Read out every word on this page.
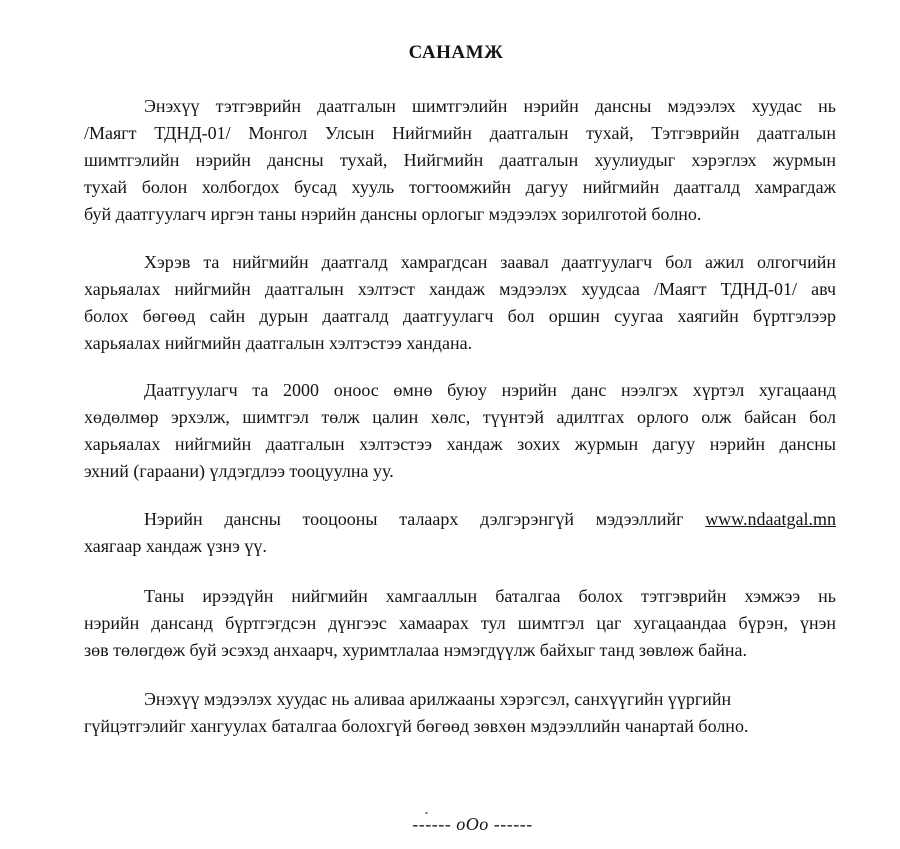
САНАМЖ
Энэхүү тэтгэврийн даатгалын шимтгэлийн нэрийн дансны мэдээлэх хуудас нь
/Маягт ТДНД-01/ Монгол Улсын Нийгмийн даатгалын тухай, Тэтгэврийн даатгалын
шимтгэлийн нэрийн дансны тухай, Нийгмийн даатгалын хуулиудыг хэрэглэх журмын
тухай болон холбогдох бусад хууль тогтоомжийн дагуу нийгмийн даатгалд хамрагдаж
буй даатгуулагч иргэн таны нэрийн дансны орлогыг мэдээлэх зорилготой болно.
Хэрэв та нийгмийн даатгалд хамрагдсан заавал даатгуулагч бол ажил олгогчийн
харьяалах нийгмийн даатгалын хэлтэст хандаж мэдээлэх хуудсаа /Маягт ТДНД-01/ авч
болох бөгөөд сайн дурын даатгалд даатгуулагч бол оршин суугаа хаягийн бүртгэлээр
харьяалах нийгмийн даатгалын хэлтэстээ хандана.
Даатгуулагч та 2000 оноос өмнө буюу нэрийн данс нээлгэх хүртэл хугацаанд
хөдөлмөр эрхэлж, шимтгэл төлж цалин хөлс, түүнтэй адилтгах орлого олж байсан бол
харьяалах нийгмийн даатгалын хэлтэстээ хандаж зохих журмын дагуу нэрийн дансны
эхний (гараани) үлдэгдлээ тооцуулна уу.
Нэрийн дансны тооцооны талаарх дэлгэрэнгүй мэдээллийг www.ndaatgal.mn
хаягаар хандаж үзнэ үү.
Таны ирээдүйн нийгмийн хамгааллын баталгаа болох тэтгэврийн хэмжээ нь
нэрийн дансанд бүртгэгдсэн дүнгээс хамаарах тул шимтгэл цаг хугацаандаа бүрэн, үнэн
зөв төлөгдөж буй эсэхэд анхаарч, хуримтлалаа нэмэгдүүлж байхыг танд зөвлөж байна.
Энэхүү мэдээлэх хуудас нь аливаа арилжааны хэрэгсэл, санхүүгийн үүргийн
гүйцэтгэлийг хангуулах баталгаа болохгүй бөгөөд зөвхөн мэдээллийн чанартай болно.
------ oOo ------
